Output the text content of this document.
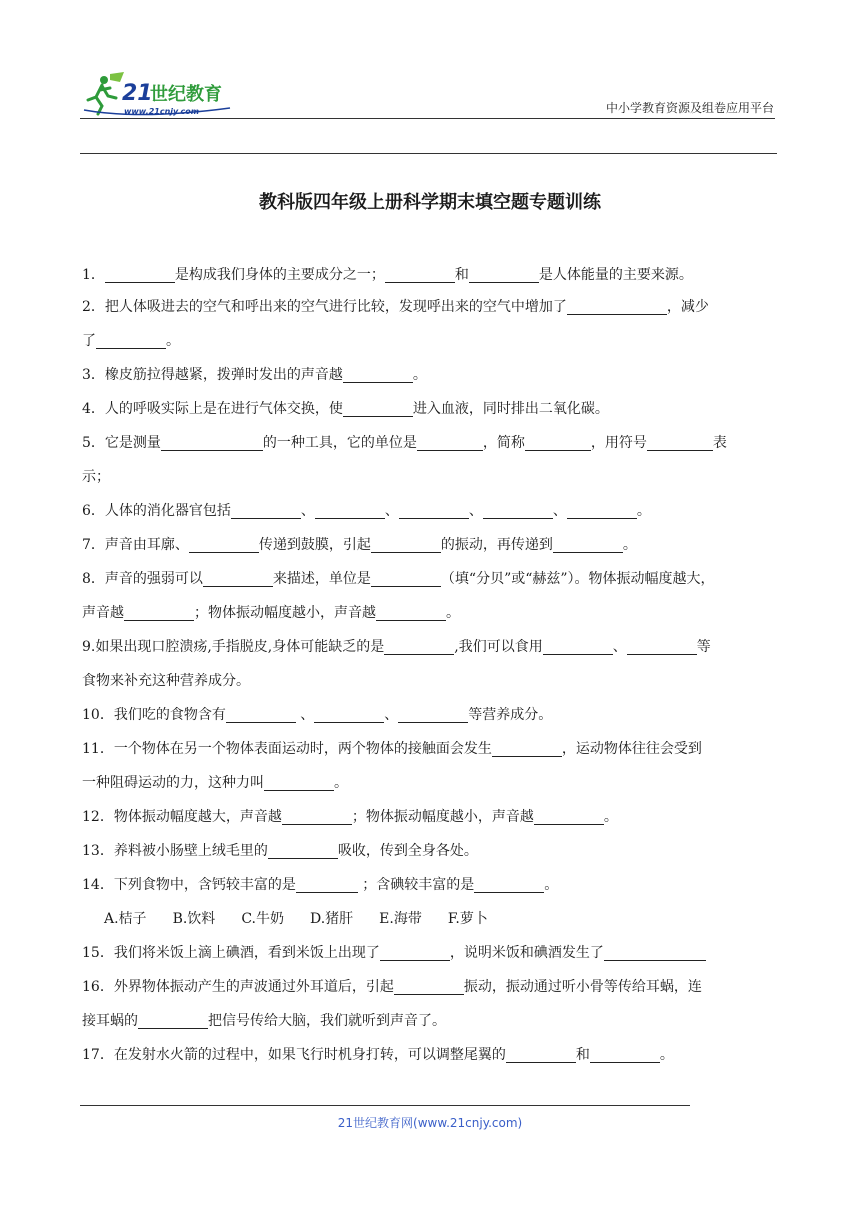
21
世纪教育
www.21cnjy.com	中小学教育资源及组卷应用平台
教科版四年级上册科学期末填空题专题训练
1．	是构成我们身体的主要成分之一；	和	是人体能量的主要来源。
2．把人体吸进去的空气和呼出来的空气进行比较，发现呼出来的空气中增加了	，减少
了	。
3．橡皮筋拉得越紧，拨弹时发出的声音越	。
4．人的呼吸实际上是在进行气体交换，使	进入血液，同时排出二氧化碳。
5．它是测量	的一种工具，它的单位是	，简称	，用符号	表
示；
6．人体的消化器官包括	、	、	、	、	。
7．声音由耳廓、	传递到鼓膜，引起	的振动，再传递到	。
8．声音的强弱可以	来描述，单位是	（填“分贝”或“赫兹”）。物体振动幅度越大，
声音越	；物体振动幅度越小，声音越	。
9.如果出现口腔溃疡,手指脱皮,身体可能缺乏的是	,我们可以食用	、	等
食物来补充这种营养成分。
10．我们吃的食物含有	、	、	等营养成分。
11．一个物体在另一个物体表面运动时，两个物体的接触面会发生	，运动物体往往会受到
一种阻碍运动的力，这种力叫	。
12．物体振动幅度越大，声音越	；物体振动幅度越小，声音越	。
13．养料被小肠壁上绒毛里的	吸收，传到全身各处。
14．下列食物中，含钙较丰富的是	；含碘较丰富的是	。
A.桔子 B.饮料 C.牛奶 D.猪肝 E.海带 F.萝卜
15．我们将米饭上滴上碘酒，看到米饭上出现了	，说明米饭和碘酒发生了
16．外界物体振动产生的声波通过外耳道后，引起	振动，振动通过听小骨等传给耳蜗，连
接耳蜗的	把信号传给大脑，我们就听到声音了。
17．在发射水火箭的过程中，如果飞行时机身打转，可以调整尾翼的	和	。
21世纪教育网(www.21cnjy.com)
